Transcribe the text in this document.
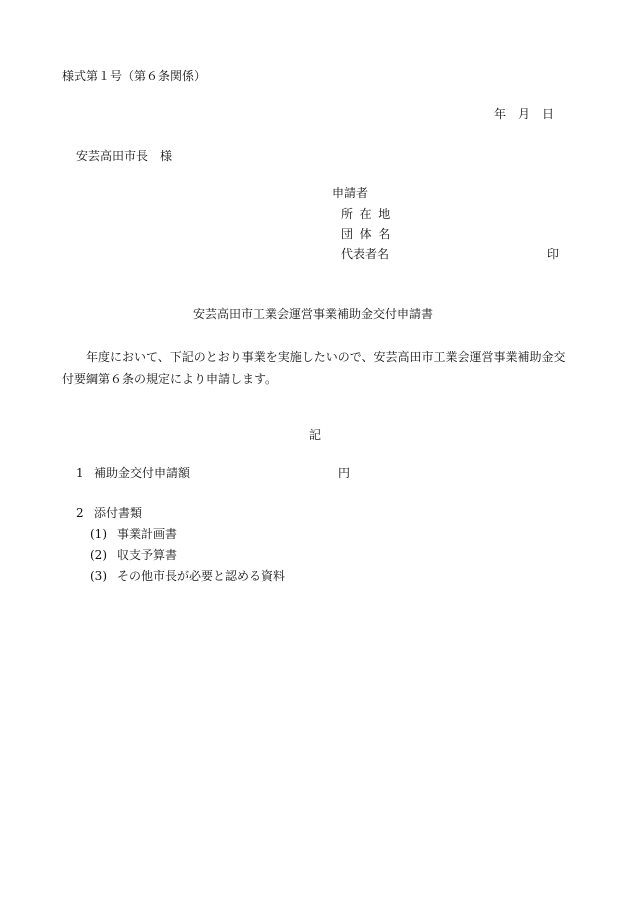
様式第１号（第６条関係）
年　月　日
安芸高田市長　様
申請者
所在地
団体名
代表者名	印
安芸高田市工業会運営事業補助金交付申請書
年度において、下記のとおり事業を実施したいので、安芸高田市工業会運営事業補助金交付要綱第６条の規定により申請します。
記
1 補助金交付申請額	円
2 添付書類
(1) 事業計画書
(2) 収支予算書
(3) その他市長が必要と認める資料
